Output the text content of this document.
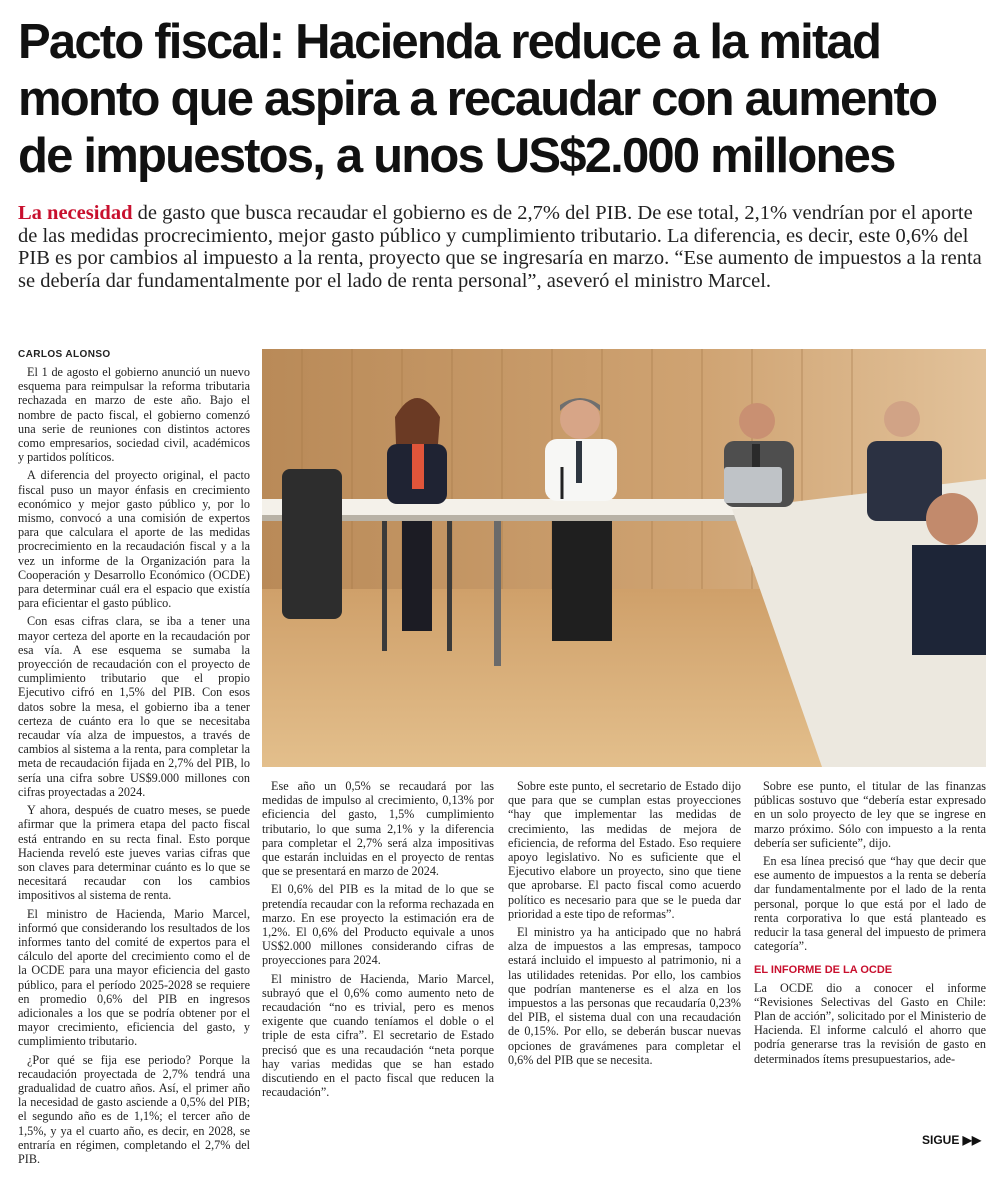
Pacto fiscal: Hacienda reduce a la mitad monto que aspira a recaudar con aumento de impuestos, a unos US$2.000 millones

La necesidad de gasto que busca recaudar el gobierno es de 2,7% del PIB. De ese total, 2,1% vendrían por el aporte de las medidas procrecimiento, mejor gasto público y cumplimiento tributario. La diferencia, es decir, este 0,6% del PIB es por cambios al impuesto a la renta, proyecto que se ingresaría en marzo. “Ese aumento de impuestos a la renta se debería dar fundamentalmente por el lado de renta personal”, aseveró el ministro Marcel.

CARLOS ALONSO

El 1 de agosto el gobierno anunció un nuevo esquema para reimpulsar la reforma tributaria rechazada en marzo de este año. Bajo el nombre de pacto fiscal, el gobierno comenzó una serie de reuniones con distintos actores como empresarios, sociedad civil, académicos y partidos políticos.

A diferencia del proyecto original, el pacto fiscal puso un mayor énfasis en crecimiento económico y mejor gasto público y, por lo mismo, convocó a una comisión de expertos para que calculara el aporte de las medidas procrecimiento en la recaudación fiscal y a la vez un informe de la Organización para la Cooperación y Desarrollo Económico (OCDE) para determinar cuál era el espacio que existía para eficientar el gasto público.

Con esas cifras clara, se iba a tener una mayor certeza del aporte en la recaudación por esa vía. A ese esquema se sumaba la proyección de recaudación con el proyecto de cumplimiento tributario que el propio Ejecutivo cifró en 1,5% del PIB. Con esos datos sobre la mesa, el gobierno iba a tener certeza de cuánto era lo que se necesitaba recaudar vía alza de impuestos, a través de cambios al sistema a la renta, para completar la meta de recaudación fijada en 2,7% del PIB, lo sería una cifra sobre US$9.000 millones con cifras proyectadas a 2024.

Y ahora, después de cuatro meses, se puede afirmar que la primera etapa del pacto fiscal está entrando en su recta final. Esto porque Hacienda reveló este jueves varias cifras que son claves para determinar cuánto es lo que se necesitará recaudar con los cambios impositivos al sistema de renta.

El ministro de Hacienda, Mario Marcel, informó que considerando los resultados de los informes tanto del comité de expertos para el cálculo del aporte del crecimiento como el de la OCDE para una mayor eficiencia del gasto público, para el período 2025-2028 se requiere en promedio 0,6% del PIB en ingresos adicionales a los que se podría obtener por el mayor crecimiento, eficiencia del gasto, y cumplimiento tributario.

¿Por qué se fija ese periodo? Porque la recaudación proyectada de 2,7% tendrá una gradualidad de cuatro años. Así, el primer año la necesidad de gasto asciende a 0,5% del PIB; el segundo año es de 1,1%; el tercer año de 1,5%, y ya el cuarto año, es decir, en 2028, se entraría en régimen, completando el 2,7% del PIB.

Ese año un 0,5% se recaudará por las medidas de impulso al crecimiento, 0,13% por eficiencia del gasto, 1,5% cumplimiento tributario, lo que suma 2,1% y la diferencia para completar el 2,7% será alza impositivas que estarán incluidas en el proyecto de rentas que se presentará en marzo de 2024.

El 0,6% del PIB es la mitad de lo que se pretendía recaudar con la reforma rechazada en marzo. En ese proyecto la estimación era de 1,2%. El 0,6% del Producto equivale a unos US$2.000 millones considerando cifras de proyecciones para 2024.

El ministro de Hacienda, Mario Marcel, subrayó que el 0,6% como aumento neto de recaudación “no es trivial, pero es menos exigente que cuando teníamos el doble o el triple de esta cifra”. El secretario de Estado precisó que es una recaudación “neta porque hay varias medidas que se han estado discutiendo en el pacto fiscal que reducen la recaudación”.

Sobre este punto, el secretario de Estado dijo que para que se cumplan estas proyecciones “hay que implementar las medidas de crecimiento, las medidas de mejora de eficiencia, de reforma del Estado. Eso requiere apoyo legislativo. No es suficiente que el Ejecutivo elabore un proyecto, sino que tiene que aprobarse. El pacto fiscal como acuerdo político es necesario para que se le pueda dar prioridad a este tipo de reformas”.

El ministro ya ha anticipado que no habrá alza de impuestos a las empresas, tampoco estará incluido el impuesto al patrimonio, ni a las utilidades retenidas. Por ello, los cambios que podrían mantenerse es el alza en los impuestos a las personas que recaudaría 0,23% del PIB, el sistema dual con una recaudación de 0,15%. Por ello, se deberán buscar nuevas opciones de gravámenes para completar el 0,6% del PIB que se necesita.

Sobre ese punto, el titular de las finanzas públicas sostuvo que “debería estar expresado en un solo proyecto de ley que se ingrese en marzo próximo. Sólo con impuesto a la renta debería ser suficiente”, dijo.

En esa línea precisó que “hay que decir que ese aumento de impuestos a la renta se debería dar fundamentalmente por el lado de la renta personal, porque lo que está por el lado de renta corporativa lo que está planteado es reducir la tasa general del impuesto de primera categoría”.

EL INFORME DE LA OCDE

La OCDE dio a conocer el informe “Revisiones Selectivas del Gasto en Chile: Plan de acción”, solicitado por el Ministerio de Hacienda. El informe calculó el ahorro que podría generarse tras la revisión de gasto en determinados ítems presupuestarios, ade-

SIGUE ▶▶
